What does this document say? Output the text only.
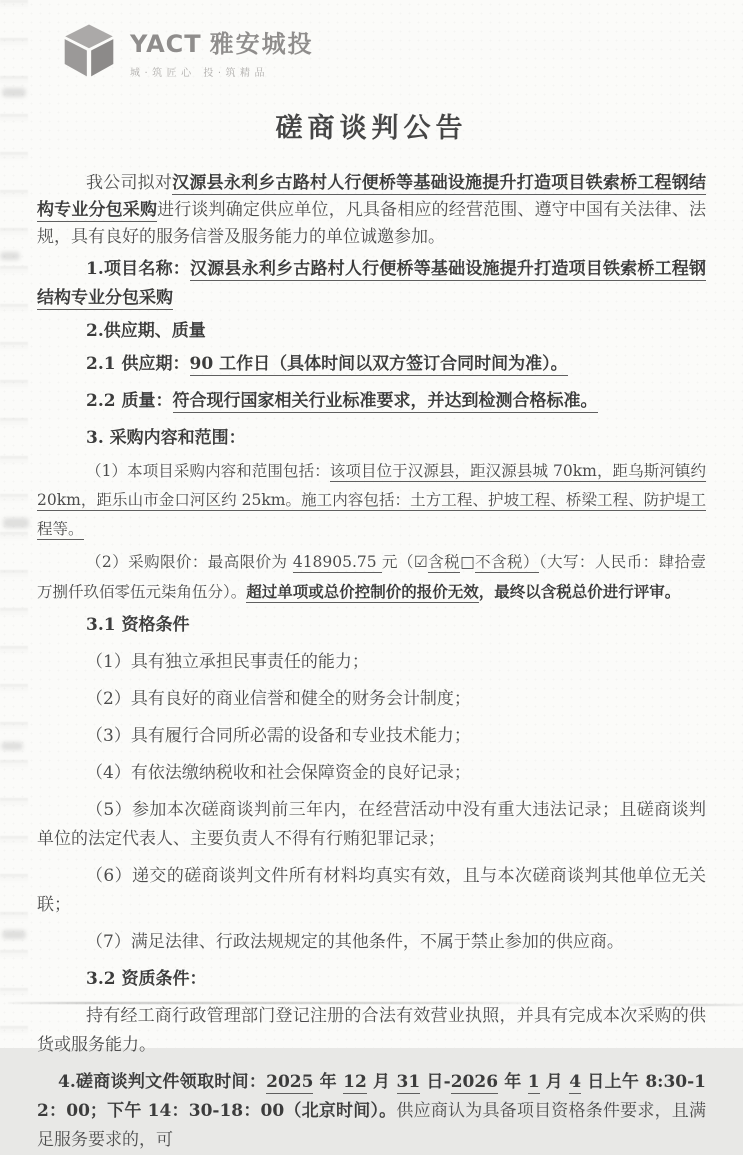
YACT 雅安城投
城·筑匠心 投·筑精品
磋商谈判公告

我公司拟对汉源县永利乡古路村人行便桥等基础设施提升打造项目铁索桥工程钢结构专业分包采购进行谈判确定供应单位，凡具备相应的经营范围、遵守中国有关法律、法规，具有良好的服务信誉及服务能力的单位诚邀参加。

1.项目名称：汉源县永利乡古路村人行便桥等基础设施提升打造项目铁索桥工程钢结构专业分包采购

2.供应期、质量

2.1 供应期：90 工作日（具体时间以双方签订合同时间为准）。

2.2 质量：符合现行国家相关行业标准要求，并达到检测合格标准。

3. 采购内容和范围：

（1）本项目采购内容和范围包括：该项目位于汉源县，距汉源县城 70km，距乌斯河镇约 20km，距乐山市金口河区约 25km。施工内容包括：土方工程、护坡工程、桥梁工程、防护堤工程等。

（2）采购限价：最高限价为 418905.75 元（☑含税□不含税）（大写：人民币：肆拾壹万捌仟玖佰零伍元柒角伍分）。超过单项或总价控制价的报价无效，最终以含税总价进行评审。

3.1 资格条件

（1）具有独立承担民事责任的能力；

（2）具有良好的商业信誉和健全的财务会计制度；

（3）具有履行合同所必需的设备和专业技术能力；

（4）有依法缴纳税收和社会保障资金的良好记录；

（5）参加本次磋商谈判前三年内，在经营活动中没有重大违法记录；且磋商谈判单位的法定代表人、主要负责人不得有行贿犯罪记录；

（6）递交的磋商谈判文件所有材料均真实有效，且与本次磋商谈判其他单位无关联；

（7）满足法律、行政法规规定的其他条件，不属于禁止参加的供应商。

3.2 资质条件：

持有经工商行政管理部门登记注册的合法有效营业执照，并具有完成本次采购的供货或服务能力。

4.磋商谈判文件领取时间：2025 年 12 月 31 日-2026 年 1 月 4 日上午 8:30-12：00；下午 14：30-18：00（北京时间）。供应商认为具备项目资格条件要求，且满足服务要求的，可
